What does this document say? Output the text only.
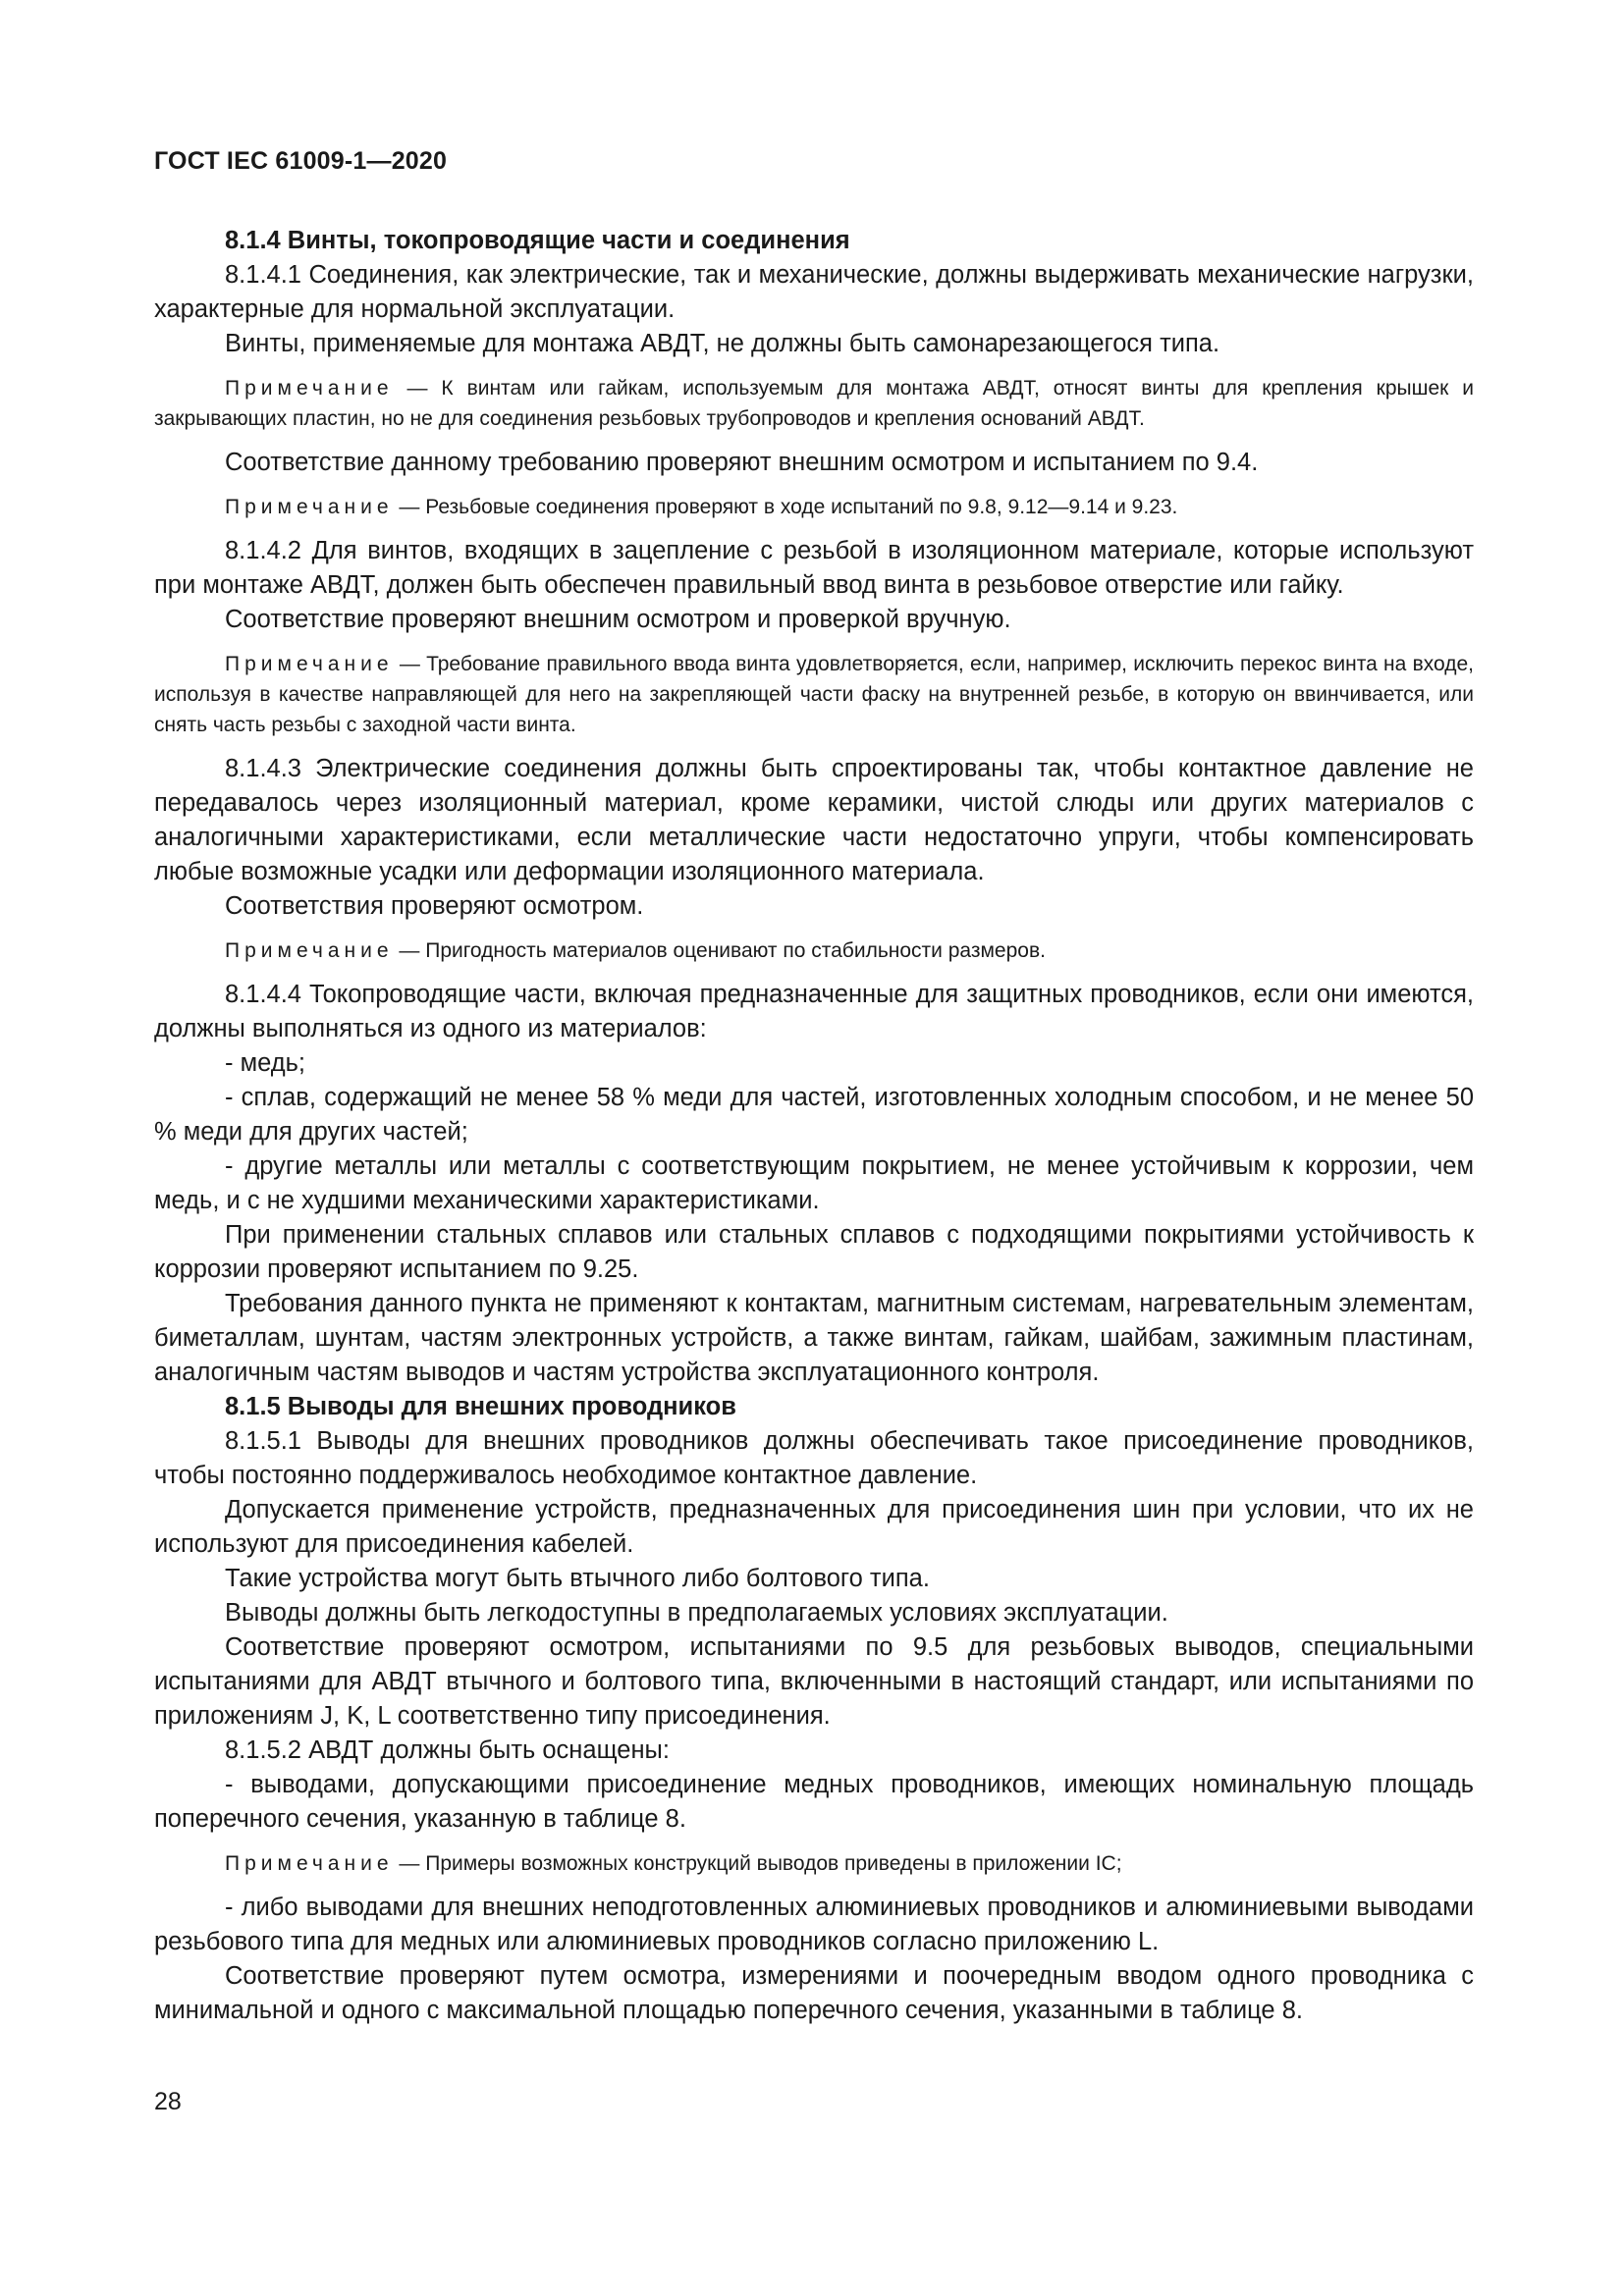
ГОСТ IEC 61009-1—2020

8.1.4 Винты, токопроводящие части и соединения

8.1.4.1 Соединения, как электрические, так и механические, должны выдерживать механические нагрузки, характерные для нормальной эксплуатации.

Винты, применяемые для монтажа АВДТ, не должны быть самонарезающегося типа.

Примечание — К винтам или гайкам, используемым для монтажа АВДТ, относят винты для крепления крышек и закрывающих пластин, но не для соединения резьбовых трубопроводов и крепления оснований АВДТ.

Соответствие данному требованию проверяют внешним осмотром и испытанием по 9.4.

Примечание — Резьбовые соединения проверяют в ходе испытаний по 9.8, 9.12—9.14 и 9.23.

8.1.4.2 Для винтов, входящих в зацепление с резьбой в изоляционном материале, которые используют при монтаже АВДТ, должен быть обеспечен правильный ввод винта в резьбовое отверстие или гайку.

Соответствие проверяют внешним осмотром и проверкой вручную.

Примечание — Требование правильного ввода винта удовлетворяется, если, например, исключить перекос винта на входе, используя в качестве направляющей для него на закрепляющей части фаску на внутренней резьбе, в которую он ввинчивается, или снять часть резьбы с заходной части винта.

8.1.4.3 Электрические соединения должны быть спроектированы так, чтобы контактное давление не передавалось через изоляционный материал, кроме керамики, чистой слюды или других материалов с аналогичными характеристиками, если металлические части недостаточно упруги, чтобы компенсировать любые возможные усадки или деформации изоляционного материала.

Соответствия проверяют осмотром.

Примечание — Пригодность материалов оценивают по стабильности размеров.

8.1.4.4 Токопроводящие части, включая предназначенные для защитных проводников, если они имеются, должны выполняться из одного из материалов:

- медь;

- сплав, содержащий не менее 58 % меди для частей, изготовленных холодным способом, и не менее 50 % меди для других частей;

- другие металлы или металлы с соответствующим покрытием, не менее устойчивым к коррозии, чем медь, и с не худшими механическими характеристиками.

При применении стальных сплавов или стальных сплавов с подходящими покрытиями устойчивость к коррозии проверяют испытанием по 9.25.

Требования данного пункта не применяют к контактам, магнитным системам, нагревательным элементам, биметаллам, шунтам, частям электронных устройств, а также винтам, гайкам, шайбам, зажимным пластинам, аналогичным частям выводов и частям устройства эксплуатационного контроля.

8.1.5 Выводы для внешних проводников

8.1.5.1 Выводы для внешних проводников должны обеспечивать такое присоединение проводников, чтобы постоянно поддерживалось необходимое контактное давление.

Допускается применение устройств, предназначенных для присоединения шин при условии, что их не используют для присоединения кабелей.

Такие устройства могут быть втычного либо болтового типа.

Выводы должны быть легкодоступны в предполагаемых условиях эксплуатации.

Соответствие проверяют осмотром, испытаниями по 9.5 для резьбовых выводов, специальными испытаниями для АВДТ втычного и болтового типа, включенными в настоящий стандарт, или испытаниями по приложениям J, K, L соответственно типу присоединения.

8.1.5.2 АВДТ должны быть оснащены:

- выводами, допускающими присоединение медных проводников, имеющих номинальную площадь поперечного сечения, указанную в таблице 8.

Примечание — Примеры возможных конструкций выводов приведены в приложении IC;

- либо выводами для внешних неподготовленных алюминиевых проводников и алюминиевыми выводами резьбового типа для медных или алюминиевых проводников согласно приложению L.

Соответствие проверяют путем осмотра, измерениями и поочередным вводом одного проводника с минимальной и одного с максимальной площадью поперечного сечения, указанными в таблице 8.

28
